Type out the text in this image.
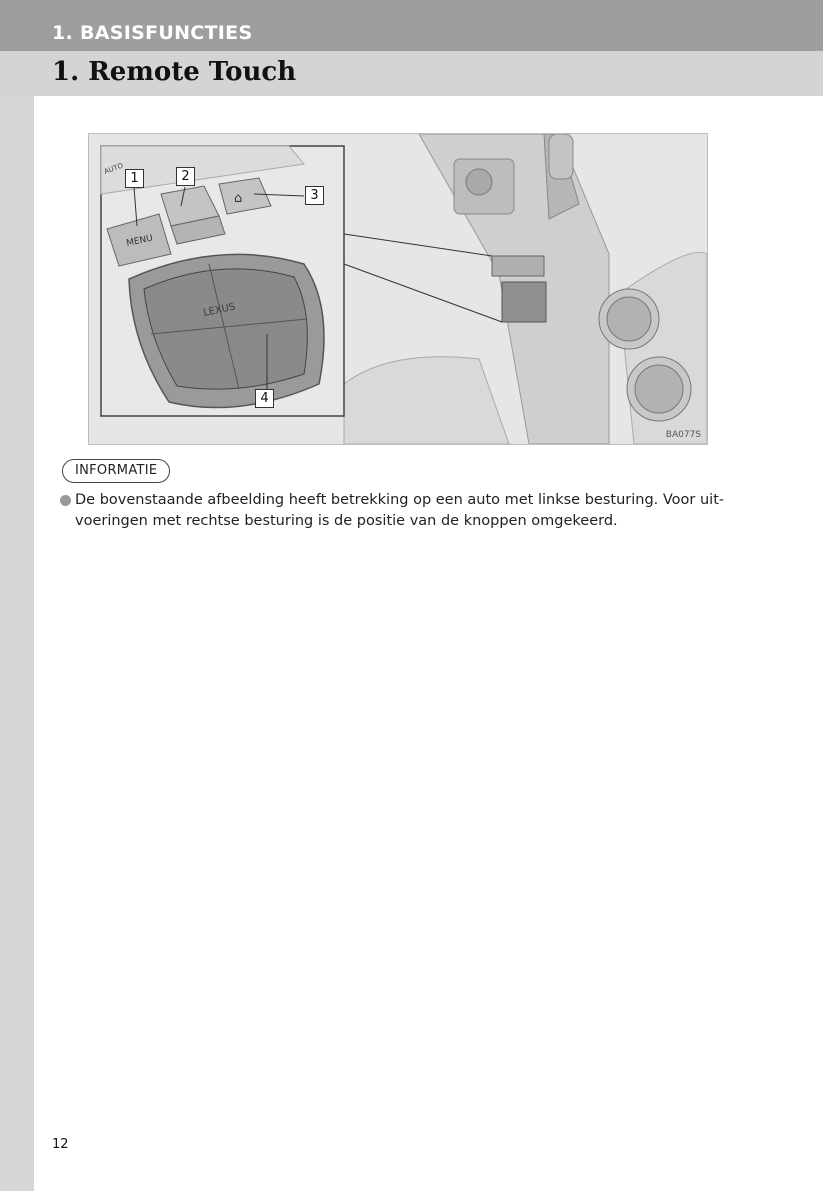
1. BASISFUNCTIES
1. Remote Touch
MENU
⌂
LEXUS
AUTO
1	2
3
4
BA077S
INFORMATIE
De bovenstaande afbeelding heeft betrekking op een auto met linkse besturing. Voor uitvoeringen met rechtse besturing is de positie van de knoppen omgekeerd.
12
